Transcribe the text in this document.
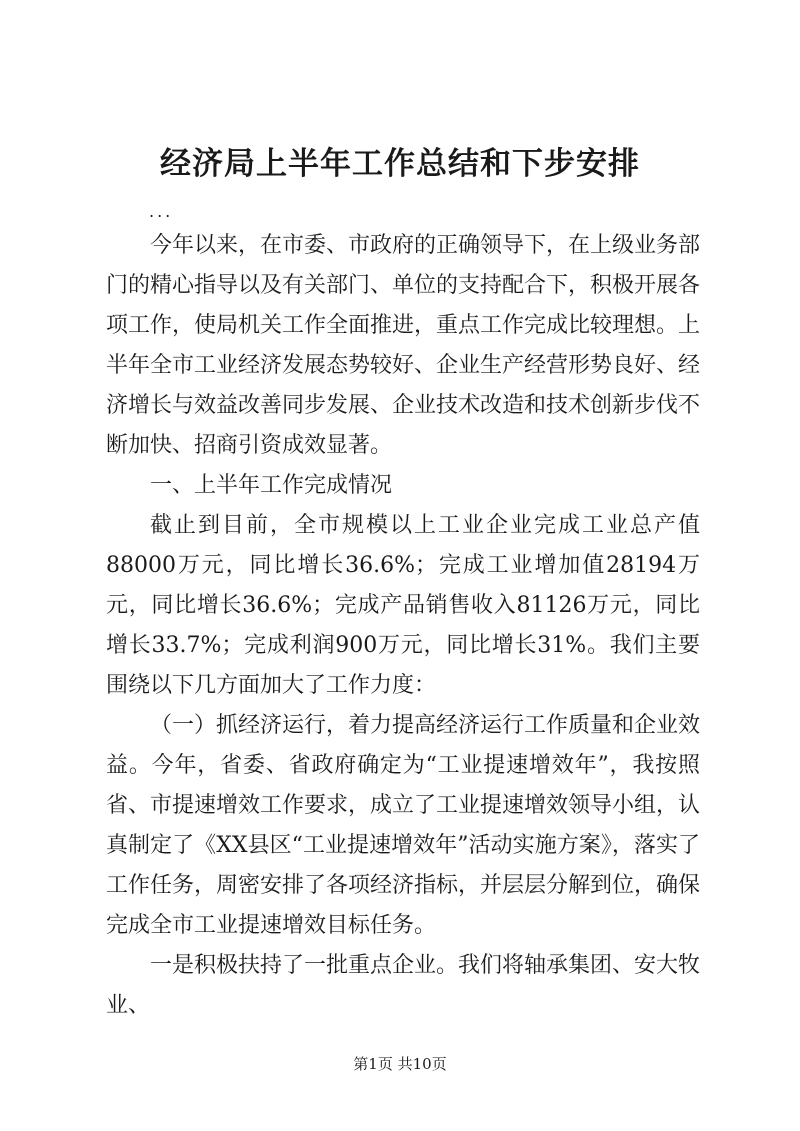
经济局上半年工作总结和下步安排
...

今年以来，在市委、市政府的正确领导下，在上级业务部门的精心指导以及有关部门、单位的支持配合下，积极开展各项工作，使局机关工作全面推进，重点工作完成比较理想。上半年全市工业经济发展态势较好、企业生产经营形势良好、经济增长与效益改善同步发展、企业技术改造和技术创新步伐不断加快、招商引资成效显著。

一、上半年工作完成情况

截止到目前，全市规模以上工业企业完成工业总产值88000万元，同比增长36.6%；完成工业增加值28194万元，同比增长36.6%；完成产品销售收入81126万元，同比增长33.7%；完成利润900万元，同比增长31%。我们主要围绕以下几方面加大了工作力度：

（一）抓经济运行，着力提高经济运行工作质量和企业效益。今年，省委、省政府确定为“工业提速增效年”，我按照省、市提速增效工作要求，成立了工业提速增效领导小组，认真制定了《XX县区“工业提速增效年”活动实施方案》，落实了工作任务，周密安排了各项经济指标，并层层分解到位，确保完成全市工业提速增效目标任务。

一是积极扶持了一批重点企业。我们将轴承集团、安大牧业、

第1页 共10页
